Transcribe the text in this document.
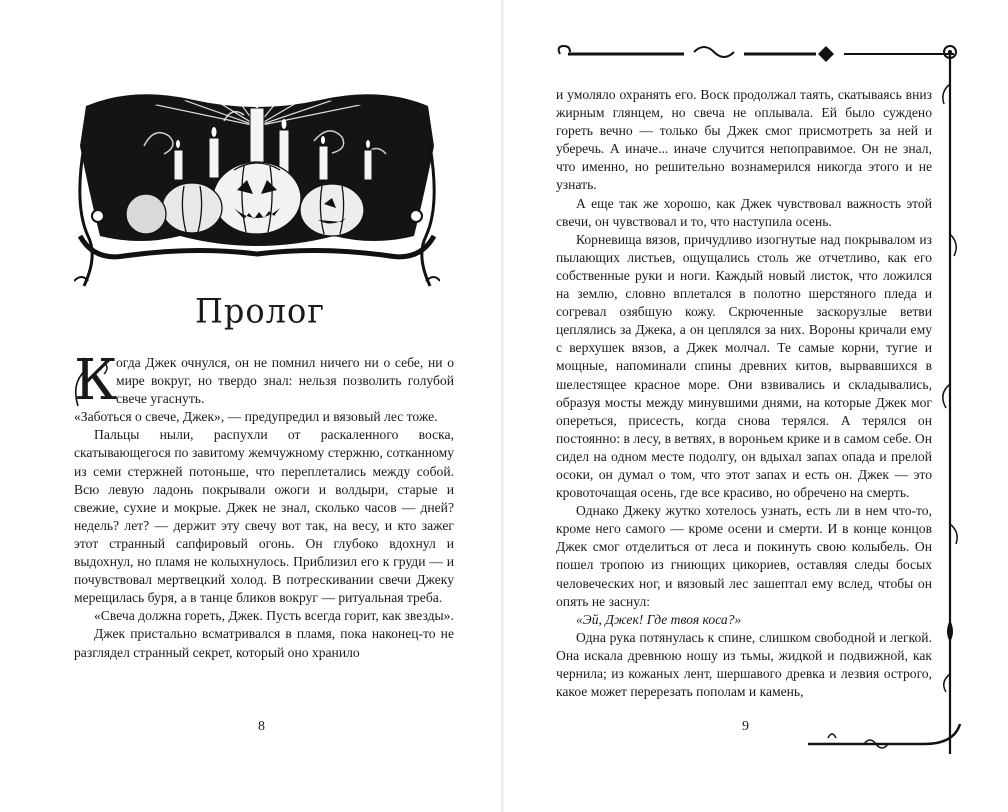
Пролог

К
огда Джек очнулся, он не помнил ничего ни о себе, ни о мире вокруг, но твердо знал: нельзя позволить голубой свече угаснуть.

«Заботься о свече, Джек», — предупредил и вязовый лес тоже.

Пальцы ныли, распухли от раскаленного воска, скатывающегося по завитому жемчужному стержню, сотканному из семи стержней потоньше, что переплетались между собой. Всю левую ладонь покрывали ожоги и волдыри, старые и свежие, сухие и мокрые. Джек не знал, сколько часов — дней? недель? лет? — держит эту свечу вот так, на весу, и кто зажег этот странный сапфировый огонь. Он глубоко вдохнул и выдохнул, но пламя не колыхнулось. Приблизил его к груди — и почувствовал мертвецкий холод. В потрескивании свечи Джеку мерещилась буря, а в танце бликов вокруг — ритуальная треба.

«Свеча должна гореть, Джек. Пусть всегда горит, как звезды».

Джек пристально всматривался в пламя, пока наконец-то не разглядел странный секрет, который оно хранило

8

и умоляло охранять его. Воск продолжал таять, скатываясь вниз жирным глянцем, но свеча не оплывала. Ей было суждено гореть вечно — только бы Джек смог присмотреть за ней и уберечь. А иначе... иначе случится непоправимое. Он не знал, что именно, но решительно вознамерился никогда этого и не узнать.

А еще так же хорошо, как Джек чувствовал важность этой свечи, он чувствовал и то, что наступила осень.

Корневища вязов, причудливо изогнутые над покрывалом из пылающих листьев, ощущались столь же отчетливо, как его собственные руки и ноги. Каждый новый листок, что ложился на землю, словно вплетался в полотно шерстяного пледа и согревал озябшую кожу. Скрюченные заскорузлые ветви цеплялись за Джека, а он цеплялся за них. Вороны кричали ему с верхушек вязов, а Джек молчал. Те самые корни, тугие и мощные, напоминали спины древних китов, вырвавшихся в шелестящее красное море. Они взвивались и складывались, образуя мосты между минувшими днями, на которые Джек мог опереться, присесть, когда снова терялся. А терялся он постоянно: в лесу, в ветвях, в вороньем крике и в самом себе. Он сидел на одном месте подолгу, он вдыхал запах опада и прелой осоки, он думал о том, что этот запах и есть он. Джек — это кровоточащая осень, где все красиво, но обречено на смерть.

Однако Джеку жутко хотелось узнать, есть ли в нем что-то, кроме него самого — кроме осени и смерти. И в конце концов Джек смог отделиться от леса и покинуть свою колыбель. Он пошел тропою из гниющих цикориев, оставляя следы босых человеческих ног, и вязовый лес зашептал ему вслед, чтобы он опять не заснул:

«Эй, Джек! Где твоя коса?»

Одна рука потянулась к спине, слишком свободной и легкой. Она искала древнюю ношу из тьмы, жидкой и подвижной, как чернила; из кожаных лент, шершавого древка и лезвия острого, какое может перерезать пополам и камень,

9
